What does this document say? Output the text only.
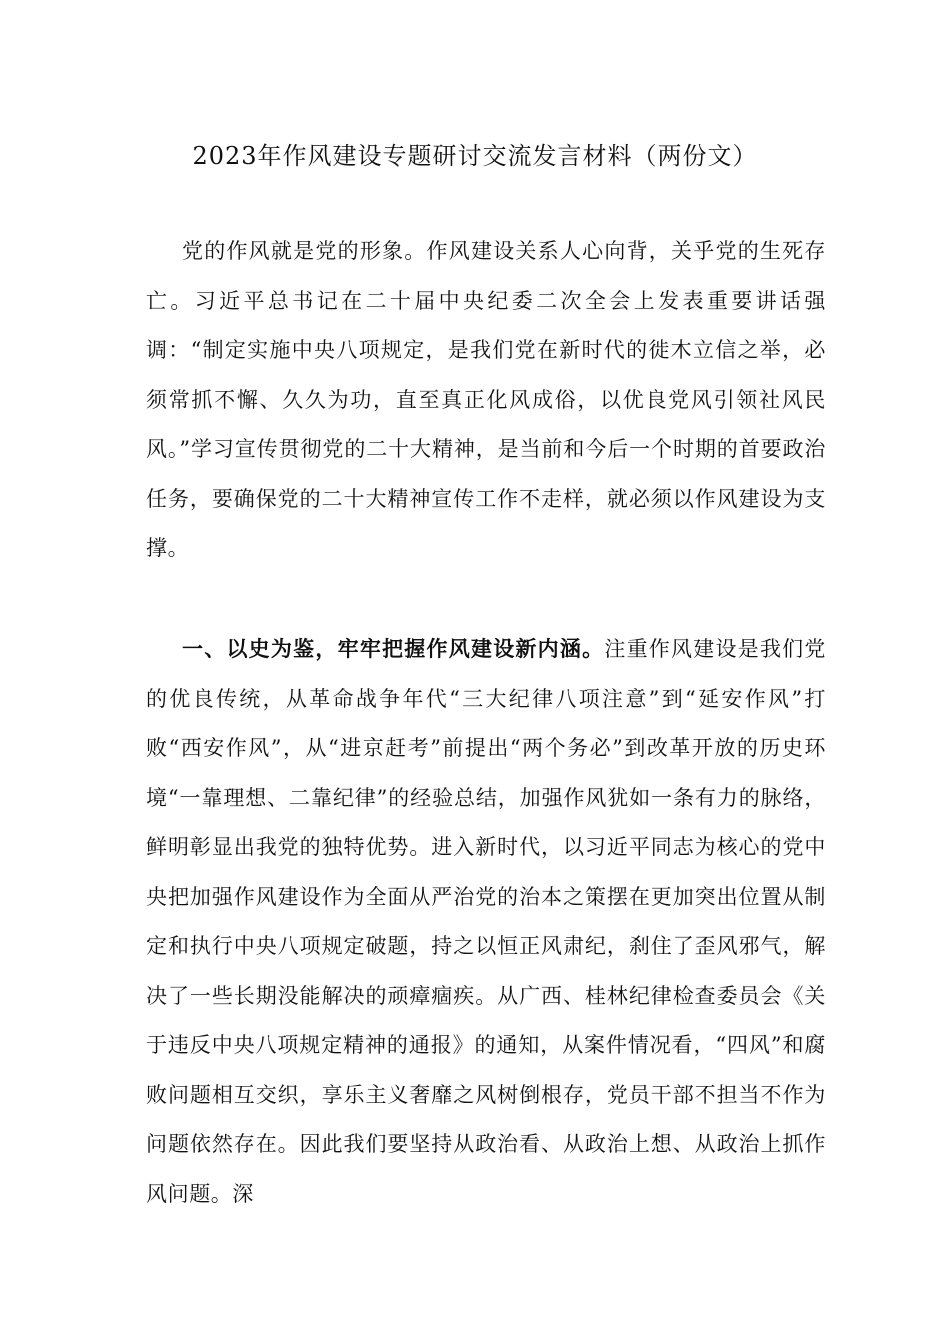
2023年作风建设专题研讨交流发言材料（两份文）

党的作风就是党的形象。作风建设关系人心向背，关乎党的生死存亡。习近平总书记在二十届中央纪委二次全会上发表重要讲话强调：“制定实施中央八项规定，是我们党在新时代的徙木立信之举，必须常抓不懈、久久为功，直至真正化风成俗，以优良党风引领社风民风。”学习宣传贯彻党的二十大精神，是当前和今后一个时期的首要政治任务，要确保党的二十大精神宣传工作不走样，就必须以作风建设为支撑。

一、以史为鉴，牢牢把握作风建设新内涵。注重作风建设是我们党的优良传统，从革命战争年代“三大纪律八项注意”到“延安作风”打败“西安作风”，从“进京赶考”前提出“两个务必”到改革开放的历史环境“一靠理想、二靠纪律”的经验总结，加强作风犹如一条有力的脉络，鲜明彰显出我党的独特优势。进入新时代，以习近平同志为核心的党中央把加强作风建设作为全面从严治党的治本之策摆在更加突出位置从制定和执行中央八项规定破题，持之以恒正风肃纪，刹住了歪风邪气，解决了一些长期没能解决的顽瘴痼疾。从广西、桂林纪律检查委员会《关于违反中央八项规定精神的通报》的通知，从案件情况看，“四风”和腐败问题相互交织，享乐主义奢靡之风树倒根存，党员干部不担当不作为问题依然存在。因此我们要坚持从政治看、从政治上想、从政治上抓作风问题。深
